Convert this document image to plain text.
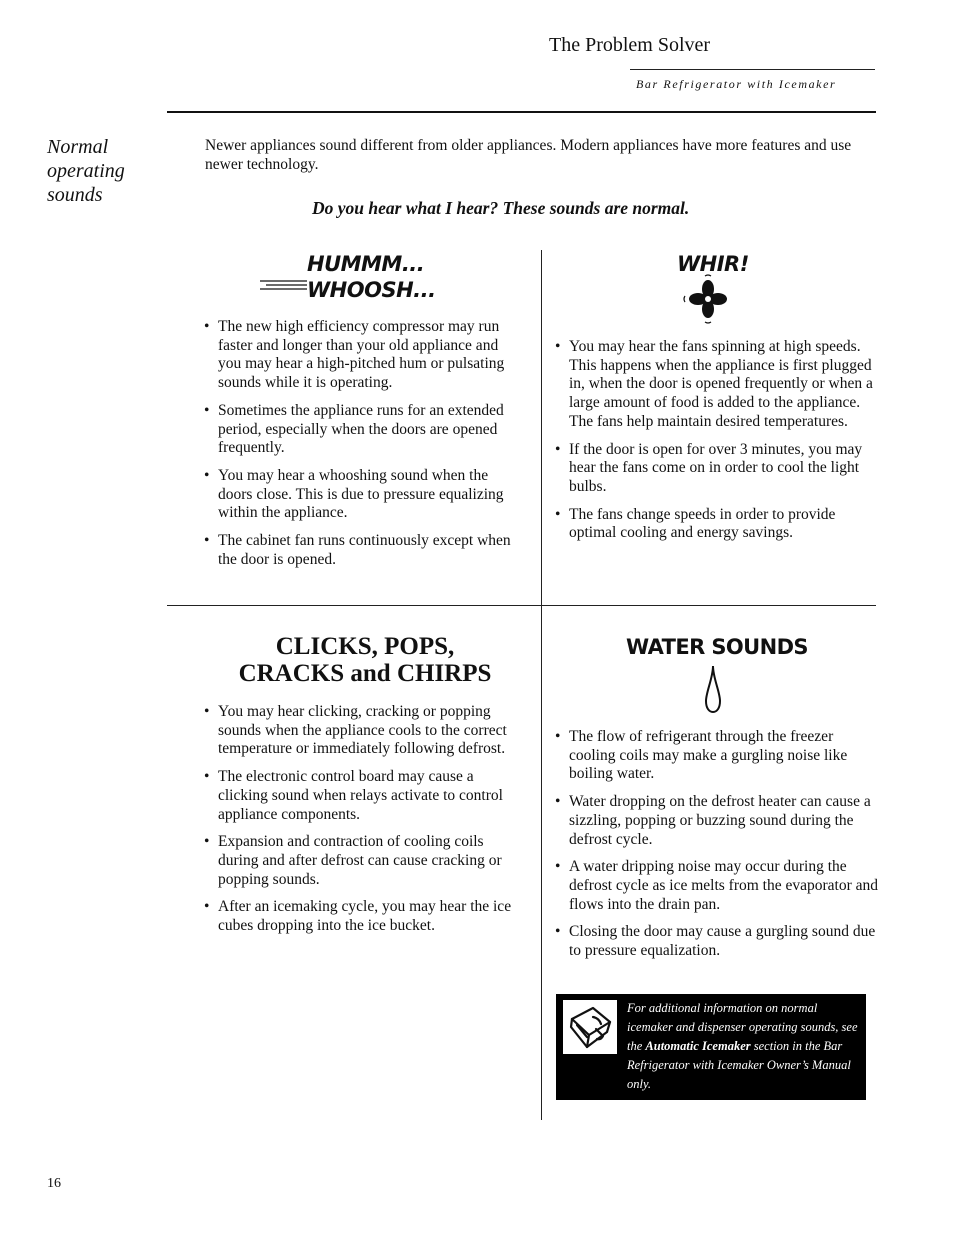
The Problem Solver
Bar Refrigerator with Icemaker
Normal operating sounds
Newer appliances sound different from older appliances. Modern appliances have more features and use newer technology.
Do you hear what I hear? These sounds are normal.
HUMMM...
WHOOSH...
• The new high efficiency compressor may run faster and longer than your old appliance and you may hear a high-pitched hum or pulsating sounds while it is operating.
• Sometimes the appliance runs for an extended period, especially when the doors are opened frequently.
• You may hear a whooshing sound when the doors close. This is due to pressure equalizing within the appliance.
• The cabinet fan runs continuously except when the door is opened.
WHIR!
• You may hear the fans spinning at high speeds. This happens when the appliance is first plugged in, when the door is opened frequently or when a large amount of food is added to the appliance. The fans help maintain desired temperatures.
• If the door is open for over 3 minutes, you may hear the fans come on in order to cool the light bulbs.
• The fans change speeds in order to provide optimal cooling and energy savings.
CLICKS, POPS,
CRACKS and CHIRPS
• You may hear clicking, cracking or popping sounds when the appliance cools to the correct temperature or immediately following defrost.
• The electronic control board may cause a clicking sound when relays activate to control appliance components.
• Expansion and contraction of cooling coils during and after defrost can cause cracking or popping sounds.
• After an icemaking cycle, you may hear the ice cubes dropping into the ice bucket.
WATER SOUNDS
• The flow of refrigerant through the freezer cooling coils may make a gurgling noise like boiling water.
• Water dropping on the defrost heater can cause a sizzling, popping or buzzing sound during the defrost cycle.
• A water dripping noise may occur during the defrost cycle as ice melts from the evaporator and flows into the drain pan.
• Closing the door may cause a gurgling sound due to pressure equalization.
For additional information on normal icemaker and dispenser operating sounds, see the Automatic Icemaker section in the Bar Refrigerator with Icemaker Owner’s Manual only.
16
